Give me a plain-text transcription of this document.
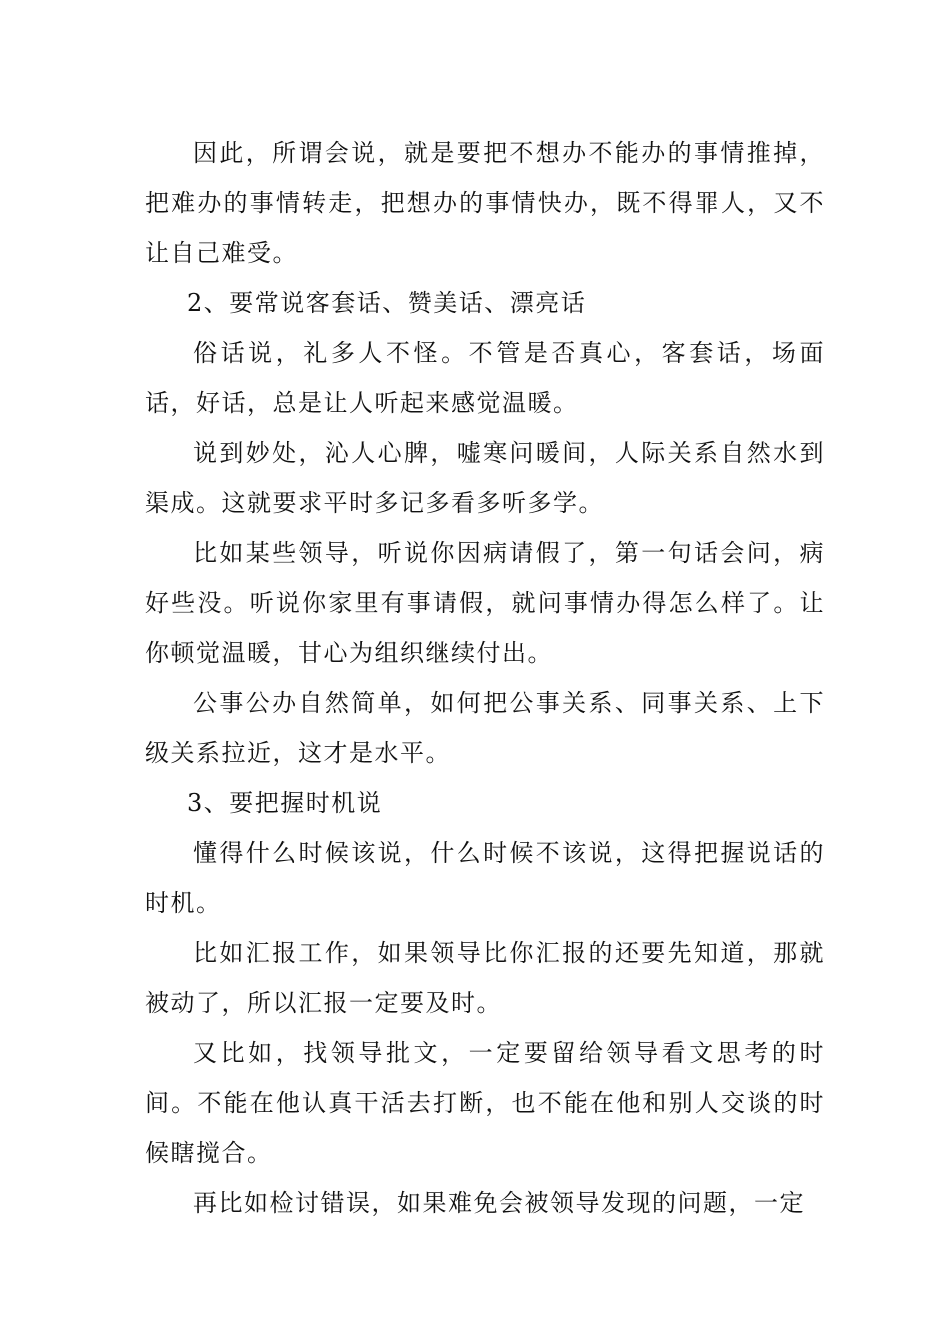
因此，所谓会说，就是要把不想办不能办的事情推掉，把难办的事情转走，把想办的事情快办，既不得罪人，又不让自己难受。

2、要常说客套话、赞美话、漂亮话

俗话说，礼多人不怪。不管是否真心，客套话，场面话，好话，总是让人听起来感觉温暖。

说到妙处，沁人心脾，嘘寒问暖间，人际关系自然水到渠成。这就要求平时多记多看多听多学。

比如某些领导，听说你因病请假了，第一句话会问，病好些没。听说你家里有事请假，就问事情办得怎么样了。让你顿觉温暖，甘心为组织继续付出。

公事公办自然简单，如何把公事关系、同事关系、上下级关系拉近，这才是水平。

3、要把握时机说

懂得什么时候该说，什么时候不该说，这得把握说话的时机。

比如汇报工作，如果领导比你汇报的还要先知道，那就被动了，所以汇报一定要及时。

又比如，找领导批文，一定要留给领导看文思考的时间。不能在他认真干活去打断，也不能在他和别人交谈的时候瞎搅合。

再比如检讨错误，如果难免会被领导发现的问题，一定
